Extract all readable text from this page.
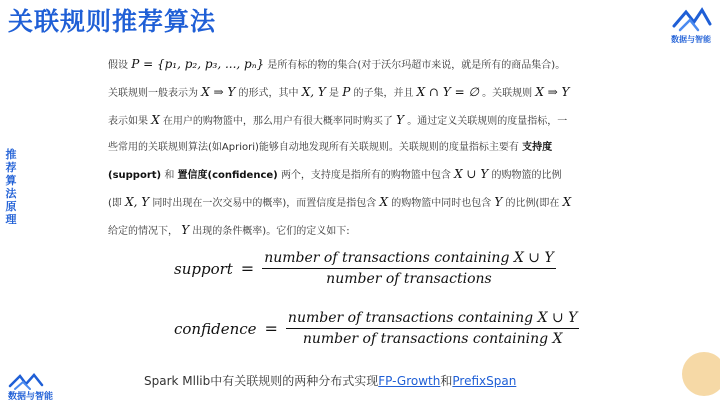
关联规则推荐算法
数据与智能
推荐算法原理
假设 P = {p₁, p₂, p₃, ..., pₙ} 是所有标的物的集合(对于沃尔玛超市来说，就是所有的商品集合)。关联规则一般表示为 X ⇒ Y 的形式，其中 X, Y 是 P 的子集，并且 X ∩ Y = ∅ 。关联规则 X ⇒ Y 表示如果 X 在用户的购物篮中，那么用户有很大概率同时购买了 Y 。通过定义关联规则的度量指标，一些常用的关联规则算法(如Apriori)能够自动地发现所有关联规则。关联规则的度量指标主要有 支持度(support) 和 置信度(confidence) 两个，支持度是指所有的购物篮中包含 X ∪ Y 的购物篮的比例(即 X, Y 同时出现在一次交易中的概率)，而置信度是指包含 X 的购物篮中同时也包含 Y 的比例(即在 X 给定的情况下， Y 出现的条件概率)。它们的定义如下:
support = $\frac{\text{number of transactions containing X ∪ Y}}{\text{number of transactions}}$
confidence = $\frac{\text{number of transactions containing X ∪ Y}}{\text{number of transactions containing X}}$
Spark Mllib中有关联规则的两种分布式实现FP-Growth和PrefixSpan
数据与智能
